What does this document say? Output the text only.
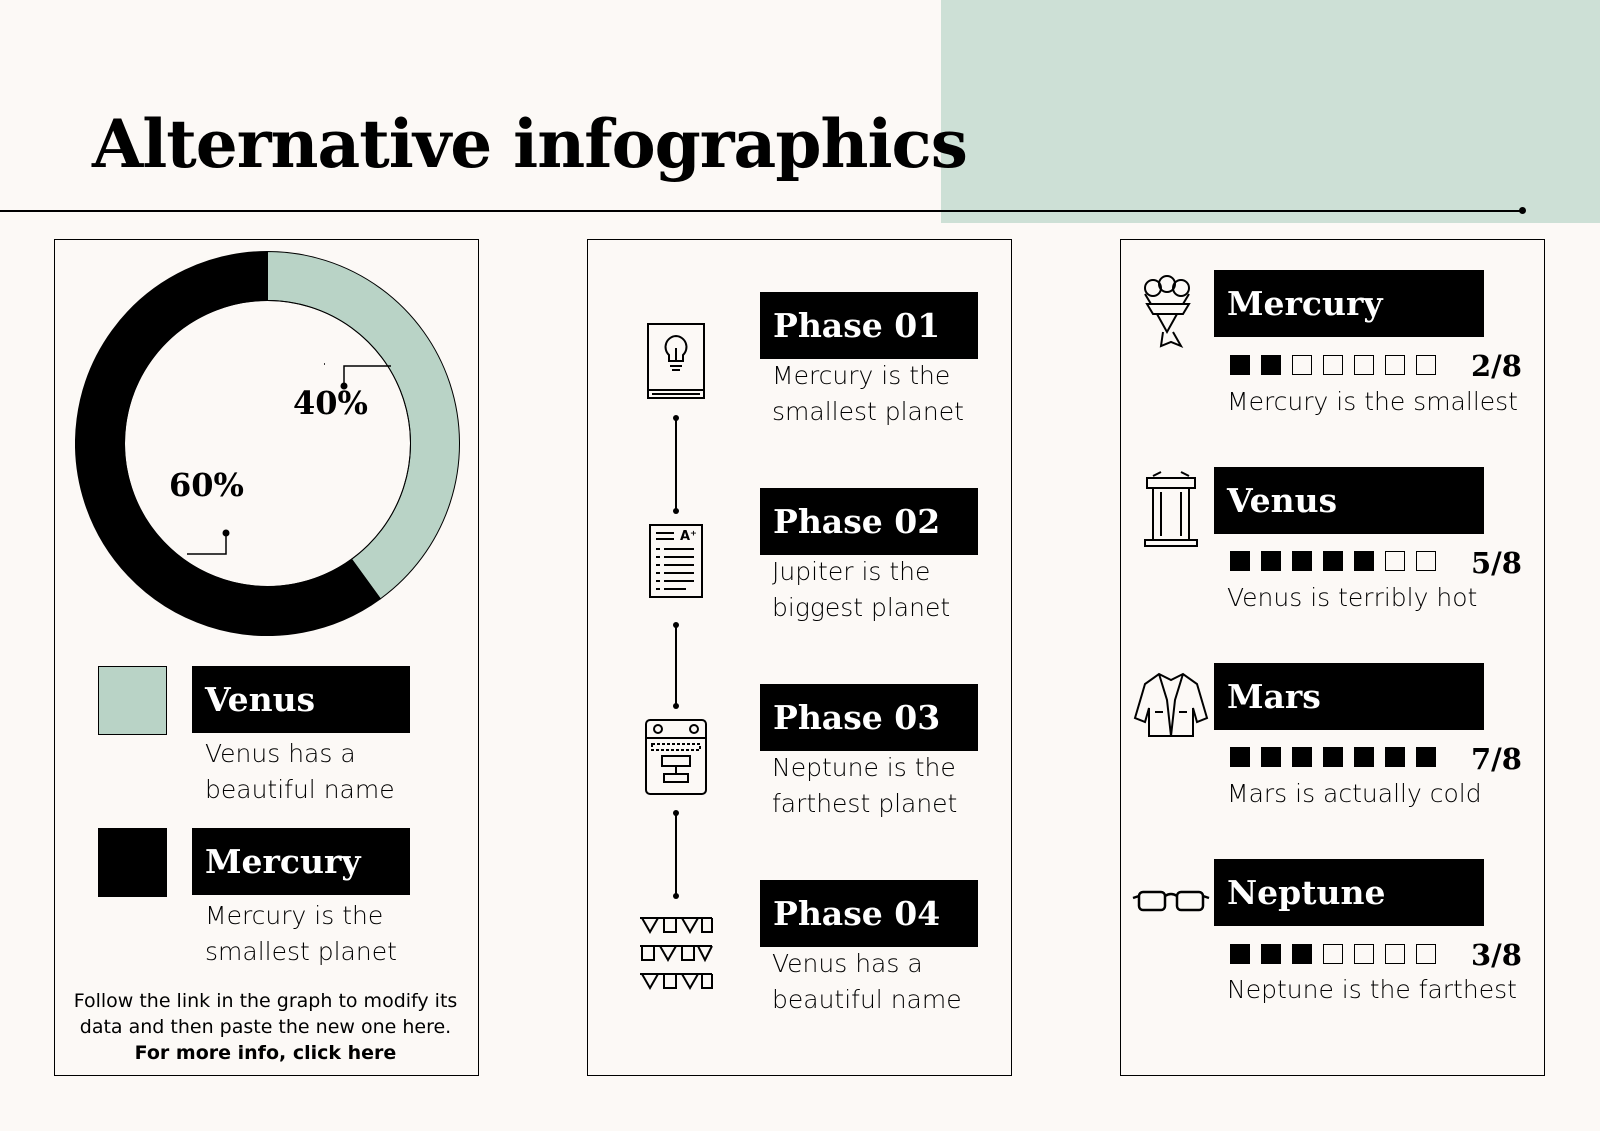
Alternative infographics
40%
60%
Venus
Venus has a
beautiful name
Mercury
Mercury is the
smallest planet
Follow the link in the graph to modify its data and then paste the new one here. For more info, click here
Phase 01
Mercury is the
smallest planet
A⁺	Phase 02
Jupiter is the
biggest planet
Phase 03
Neptune is the
farthest planet
Phase 04
Venus has a
beautiful name
Mercury
2/8
Mercury is the smallest
Venus
5/8
Venus is terribly hot
Mars
7/8
Mars is actually cold
Neptune
3/8
Neptune is the farthest
